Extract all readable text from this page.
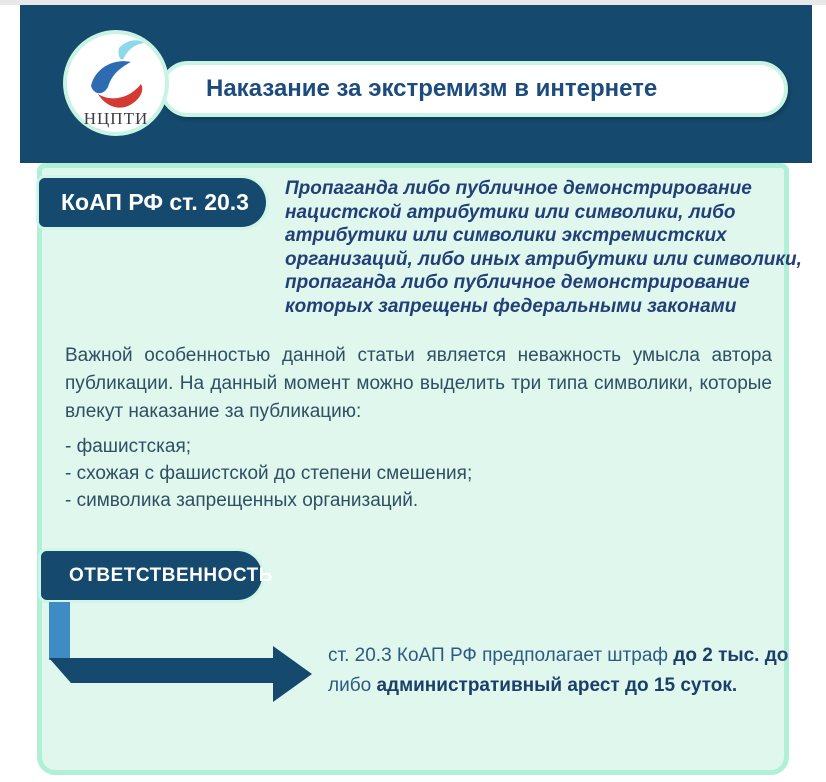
Наказание за экстремизм в интернете
НЦПТИ
КоАП РФ ст. 20.3
Пропаганда либо публичное демонстрирование
нацистской атрибутики или символики, либо
атрибутики или символики экстремистских
организаций, либо иных атрибутики или символики,
пропаганда либо публичное демонстрирование
которых запрещены федеральными законами

Важной особенностью данной статьи является неважность умысла автора публикации. На данный момент можно выделить три типа символики, которые влекут наказание за публикацию:

- фашистская;
- схожая с фашистской до степени смешения;
- символика запрещенных организаций.
ОТВЕТСТВЕННОСТЬ
ст. 20.3 КоАП РФ предполагает штраф до 2 тыс. до
либо административный арест до 15 суток.
